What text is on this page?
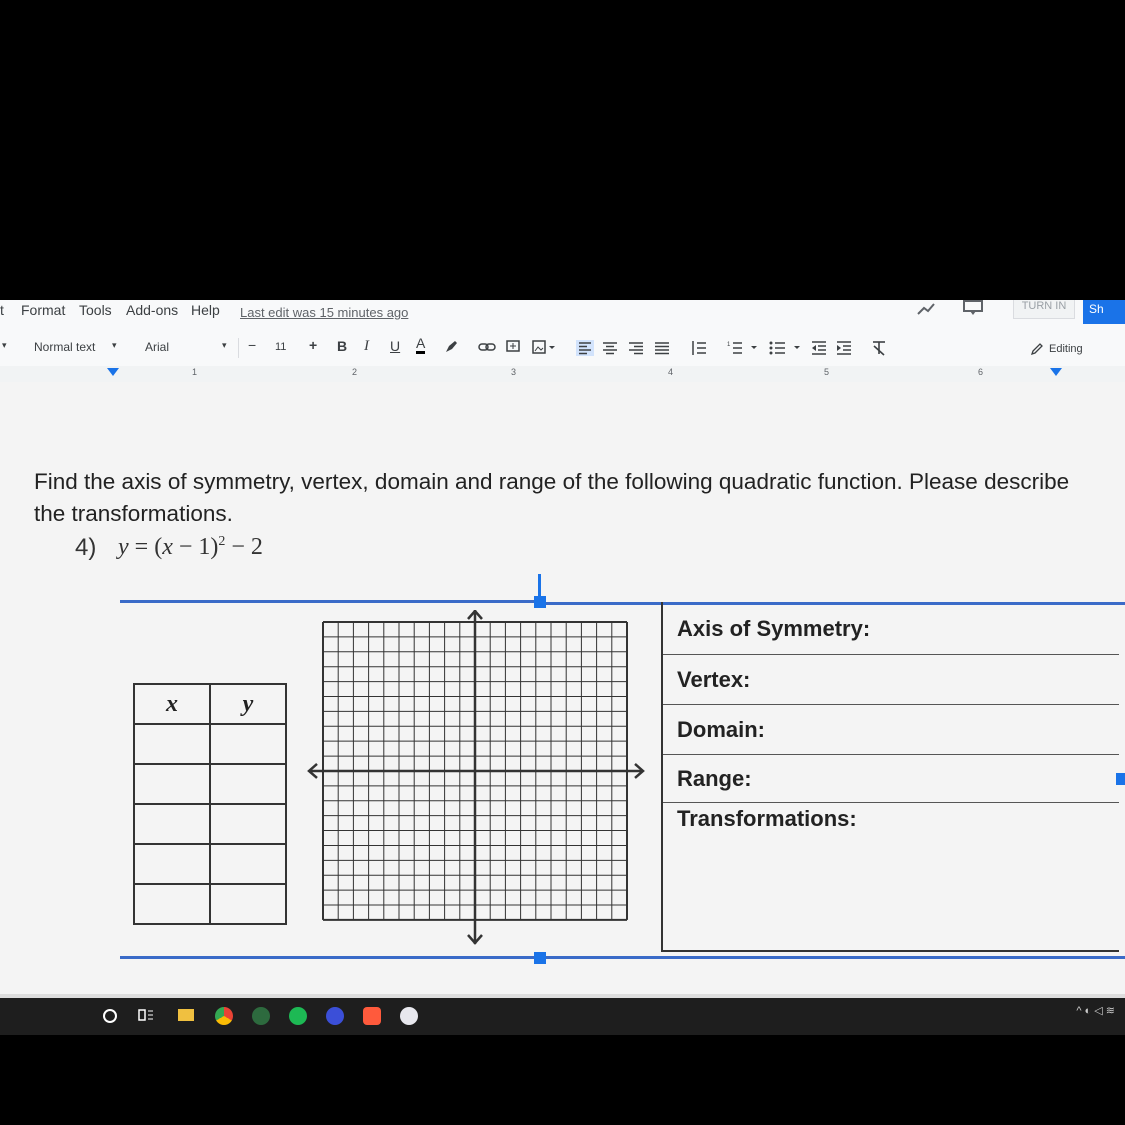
t Format Tools Add-ons Help Last edit was 15 minutes ago	TURN IN	Sh
▾ Normal text ▾ Arial	▾ − 11 + B I U A	1	Editing
1	2	3	4	5	6
Find the axis of symmetry, vertex, domain and range of the following quadratic function. Please describe the transformations.
4) $y = (x - 1)^2 - 2$
x	y

Axis of Symmetry:
Vertex:
Domain:
Range:
Transformations:
^ ◐ ◁ ≋
